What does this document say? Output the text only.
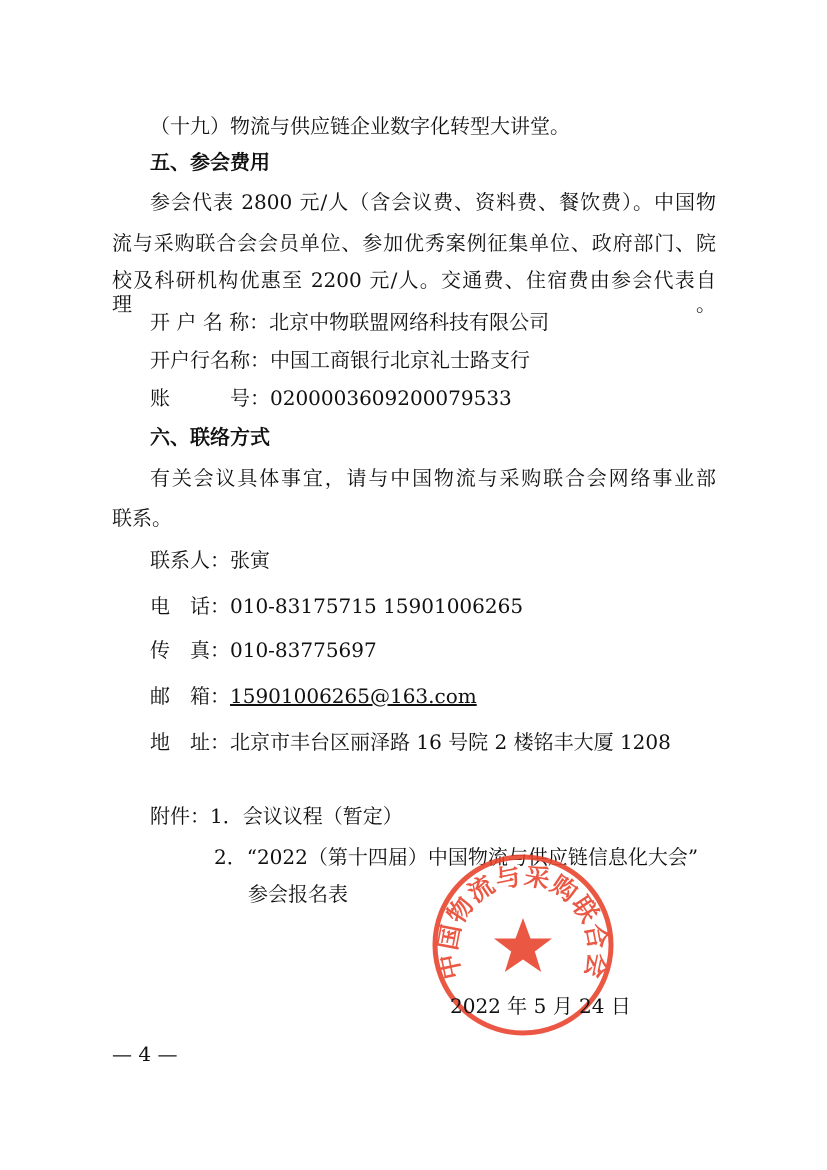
（十九）物流与供应链企业数字化转型大讲堂。
五、参会费用
参会代表 2800 元/人（含会议费、资料费、餐饮费）。中国物
流与采购联合会会员单位、参加优秀案例征集单位、政府部门、院
校及科研机构优惠至 2200 元/人。交通费、住宿费由参会代表自理。
开 户 名 称：北京中物联盟网络科技有限公司
开户行名称：中国工商银行北京礼士路支行
账　　　号：0200003609200079533
六、联络方式
有关会议具体事宜，请与中国物流与采购联合会网络事业部
联系。
联系人：张寅
电　话：010-83175715 15901006265
传　真：010-83775697
邮　箱：15901006265@163.com
地　址：北京市丰台区丽泽路 16 号院 2 楼铭丰大厦 1208
附件：1．会议议程（暂定）
2．“2022（第十四届）中国物流与供应链信息化大会”
参会报名表
中国物流与采购联合会
2022 年 5 月 24 日
— 4 —
